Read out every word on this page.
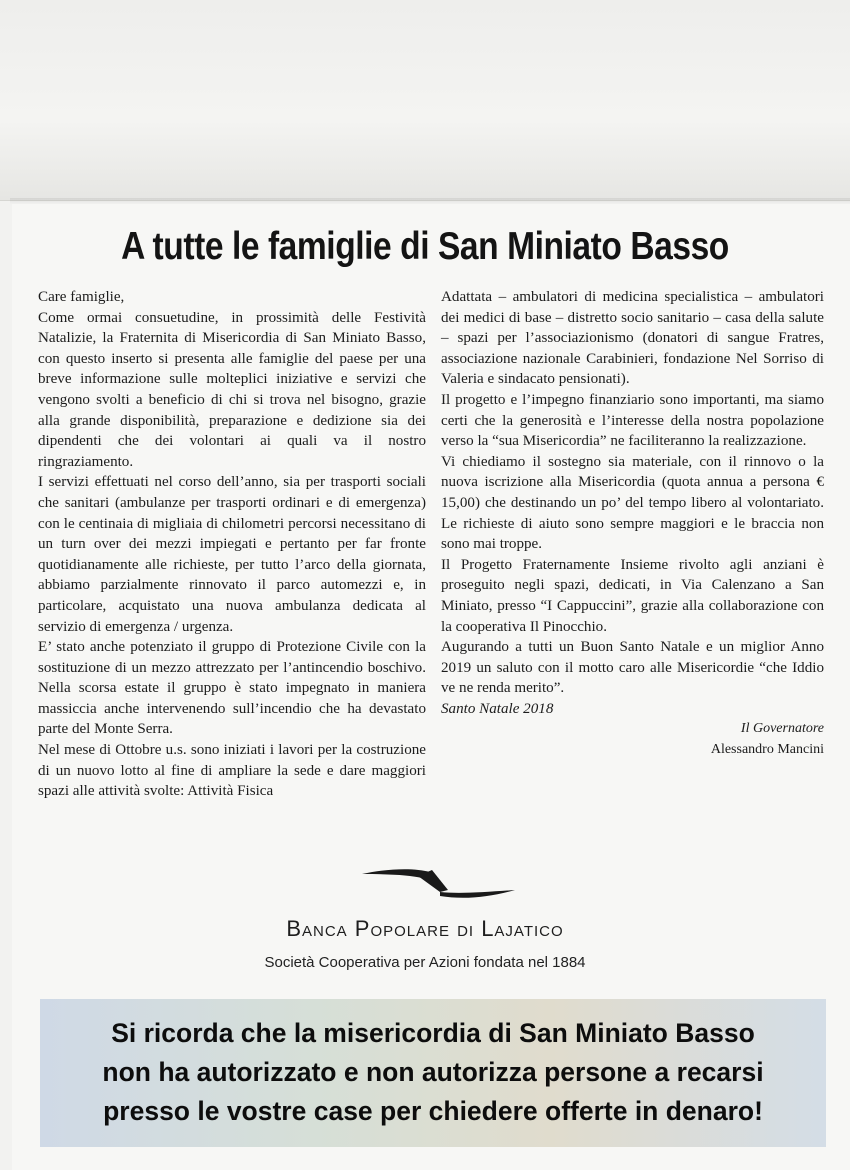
A tutte le famiglie di San Miniato Basso

Care famiglie,

Come ormai consuetudine, in prossimità delle Festività Natalizie, la Fraternita di Misericordia di San Miniato Basso, con questo inserto si presenta alle famiglie del paese per una breve informazione sulle molteplici iniziative e servizi che vengono svolti a beneficio di chi si trova nel bisogno, grazie alla grande disponibilità, preparazione e dedizione sia dei dipendenti che dei volontari ai quali va il nostro ringraziamento.

I servizi effettuati nel corso dell’anno, sia per trasporti sociali che sanitari (ambulanze per trasporti ordinari e di emergenza) con le centinaia di migliaia di chilometri percorsi necessitano di un turn over dei mezzi impiegati e pertanto per far fronte quotidianamente alle richieste, per tutto l’arco della giornata, abbiamo parzialmente rinnovato il parco automezzi e, in particolare, acquistato una nuova ambulanza dedicata al servizio di emergenza / urgenza.

E’ stato anche potenziato il gruppo di Protezione Civile con la sostituzione di un mezzo attrezzato per l’antincendio boschivo. Nella scorsa estate il gruppo è stato impegnato in maniera massiccia anche intervenendo sull’incendio che ha devastato parte del Monte Serra.

Nel mese di Ottobre u.s. sono iniziati i lavori per la costruzione di un nuovo lotto al fine di ampliare la sede e dare maggiori spazi alle attività svolte: Attività Fisica

Adattata – ambulatori di medicina specialistica – ambulatori dei medici di base – distretto socio sanitario – casa della salute – spazi per l’associazionismo (donatori di sangue Fratres, associazione nazionale Carabinieri, fondazione Nel Sorriso di Valeria e sindacato pensionati).

Il progetto e l’impegno finanziario sono importanti, ma siamo certi che la generosità e l’interesse della nostra popolazione verso la “sua Misericordia” ne faciliteranno la realizzazione.

Vi chiediamo il sostegno sia materiale, con il rinnovo o la nuova iscrizione alla Misericordia (quota annua a persona € 15,00) che destinando un po’ del tempo libero al volontariato. Le richieste di aiuto sono sempre maggiori e le braccia non sono mai troppe.

Il Progetto Fraternamente Insieme rivolto agli anziani è proseguito negli spazi, dedicati, in Via Calenzano a San Miniato, presso “I Cappuccini”, grazie alla collaborazione con la cooperativa Il Pinocchio.

Augurando a tutti un Buon Santo Natale e un miglior Anno 2019 un saluto con il motto caro alle Misericordie “che Iddio ve ne renda merito”.

Santo Natale 2018

Il Governatore

Alessandro Mancini

Banca Popolare di Lajatico

Società Cooperativa per Azioni fondata nel 1884

Si ricorda che la misericordia di San Miniato Basso

non ha autorizzato e non autorizza persone a recarsi

presso le vostre case per chiedere offerte in denaro!
